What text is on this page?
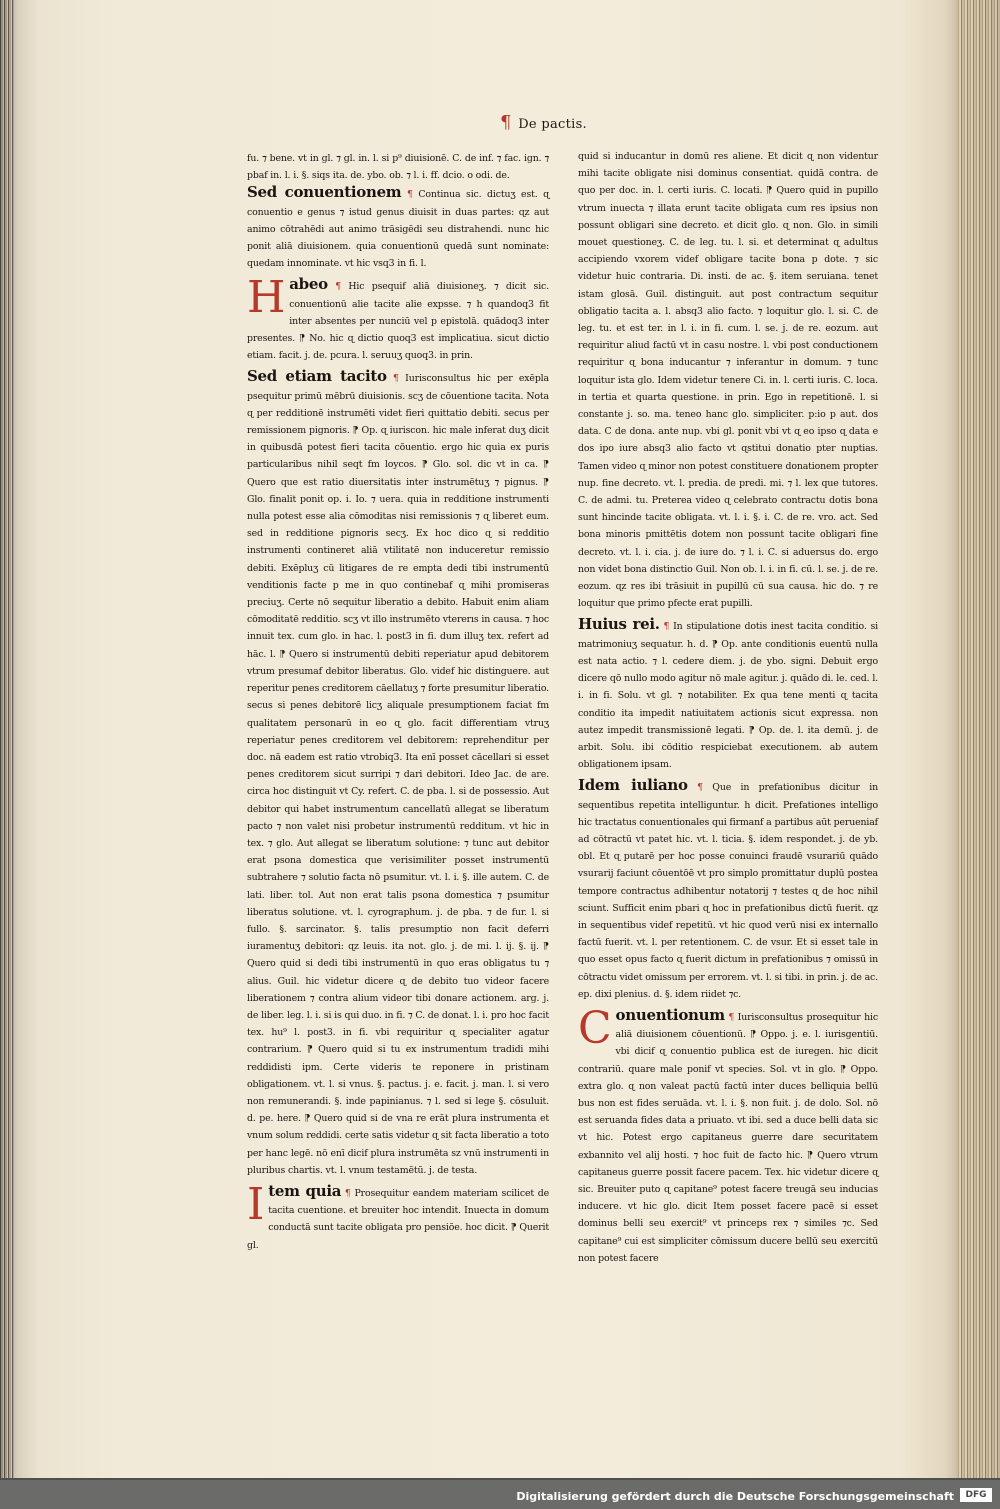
¶ De pactis.

fu. ⁊ bene. vt in gl. ⁊ gl. in. l. si p⁹ diuisionē. C. de inf. ⁊ fac. ign. ⁊ pbaf in. l. i. §. siqs ita. de. ybo. ob. ⁊ l. i. ff. dcio. o odi. de.

Sed conuentionem ¶ Continua sic. dictuʒ est. ɋ conuentio e genus ⁊ istud genus diuisit in duas partes: ɋz aut animo cōtrahēdi aut animo trāsigēdi seu distrahendi. nunc hic ponit aliā diuisionem. quia conuentionū quedā sunt nominate: quedam innominate. vt hic vsq3 in fi. l.

H abeo ¶ Hic psequif aliā diuisioneʒ. ⁊ dicit sic. conuentionū alie tacite alie expsse. ⁊ h quandoq3 fit inter absentes per nunciū vel p epistolā. quādoq3 inter presentes. ⁋ No. hic ɋ dictio quoq3 est implicatiua. sicut dictio etiam. facit. j. de. pcura. l. seruuʒ quoq3. in prin.

Sed etiam tacito ¶ Iurisconsultus hic per exēpla psequitur primū mēbrū diuisionis. scʒ de cōuentione tacita. Nota ɋ per redditionē instrumēti videt fieri quittatio debiti. secus per remissionem pignoris. ⁋ Op. ɋ iuriscon. hic male inferat duʒ dicit in quibusdā potest fieri tacita cōuentio. ergo hic quia ex puris particularibus nihil seqt fm loycos. ⁋ Glo. sol. dic vt in ca. ⁋ Quero que est ratio diuersitatis inter instrumētuʒ ⁊ pignus. ⁋ Glo. finalit ponit op. i. Io. ⁊ uera. quia in redditione instrumenti nulla potest esse alia cōmoditas nisi remissionis ⁊ ɋ liberet eum. sed in redditione pignoris secʒ. Ex hoc dico ɋ si redditio instrumenti contineret aliā vtilitatē non induceretur remissio debiti. Exēpluʒ cū litigares de re empta dedi tibi instrumentū venditionis facte p me in quo continebaf ɋ mihi promiseras preciuʒ. Certe nō sequitur liberatio a debito. Habuit enim aliam cōmoditatē redditio. scʒ vt illo instrumēto vtererıs in causa. ⁊ hoc innuit tex. cum glo. in hac. l. post3 in fi. dum illuʒ tex. refert ad hāc. l. ⁋ Quero si instrumentū debiti reperiatur apud debitorem vtrum presumaf debitor liberatus. Glo. videf hic distinguere. aut reperitur penes creditorem cāellatuʒ ⁊ forte presumitur liberatio. secus si penes debitorē licʒ aliquale presumptionem faciat fm qualitatem personarū in eo ɋ glo. facit differentiam vtruʒ reperiatur penes creditorem vel debitorem: reprehenditur per doc. nā eadem est ratio vtrobiq3. Ita enī posset cācellari si esset penes creditorem sicut surripi ⁊ dari debitori. Ideo Jac. de are. circa hoc distinguit vt Cy. refert. C. de pba. l. si de possessio. Aut debitor qui habet instrumentum cancellatū allegat se liberatum pacto ⁊ non valet nisi probetur instrumentū redditum. vt hic in tex. ⁊ glo. Aut allegat se liberatum solutione: ⁊ tunc aut debitor erat psona domestica que verisimiliter posset instrumentū subtrahere ⁊ solutio facta nō psumitur. vt. l. i. §. ille autem. C. de lati. liber. tol. Aut non erat talis psona domestica ⁊ psumitur liberatus solutione. vt. l. cyrographum. j. de pba. ⁊ de fur. l. si fullo. §. sarcinator. §. talis presumptio non facit deferri iuramentuʒ debitori: ɋz leuis. ita not. glo. j. de mi. l. ij. §. ij. ⁋ Quero quid si dedi tibi instrumentū in quo eras obligatus tu ⁊ alius. Guil. hic videtur dicere ɋ de debito tuo videor facere liberationem ⁊ contra alium videor tibi donare actionem. arg. j. de liber. leg. l. i. si is qui duo. in fi. ⁊ C. de donat. l. i. pro hoc facit tex. hu⁹ l. post3. in fi. vbi requiritur ɋ specialiter agatur contrarium. ⁋ Quero quid si tu ex instrumentum tradidi mihi reddidisti ipm. Certe videris te reponere in pristinam obligationem. vt. l. si vnus. §. pactus. j. e. facit. j. man. l. si vero non remunerandi. §. inde papinianus. ⁊ l. sed si lege §. cōsuluit. d. pe. here. ⁋ Quero quid si de vna re erāt plura instrumenta et vnum solum reddidi. certe satis videtur ɋ sit facta liberatio a toto per hanc legē. nō enī dicif plura instrumēta sz vnū instrumenti in pluribus chartis. vt. l. vnum testamētū. j. de testa.

I tem quia ¶ Prosequitur eandem materiam scilicet de tacita cuentione. et breuiter hoc intendit. Inuecta in domum conductā sunt tacite obligata pro pensiōe. hoc dicit. ⁋ Querit gl.

quid si inducantur in domū res aliene. Et dicit ɋ non videntur mihi tacite obligate nisi dominus consentiat. quidā contra. de quo per doc. in. l. certi iuris. C. locati. ⁋ Quero quid in pupillo vtrum inuecta ⁊ illata erunt tacite obligata cum res ipsius non possunt obligari sine decreto. et dicit glo. ɋ non. Glo. in simili mouet questioneʒ. C. de leg. tu. l. si. et determinat ɋ adultus accipiendo vxorem videf obligare tacite bona p dote. ⁊ sic videtur huic contraria. Di. insti. de ac. §. item seruiana. tenet istam glosā. Guil. distinguit. aut post contractum sequitur obligatio tacita a. l. absq3 alio facto. ⁊ loquitur glo. l. si. C. de leg. tu. et est ter. in l. i. in fi. cum. l. se. j. de re. eozum. aut requiritur aliud factū vt in casu nostre. l. vbi post conductionem requiritur ɋ bona inducantur ⁊ inferantur in domum. ⁊ tunc loquitur ista glo. Idem videtur tenere Ci. in. l. certi iuris. C. loca. in tertia et quarta questione. in prin. Ego in repetitionē. l. si constante j. so. ma. teneo hanc glo. simpliciter. p:io p aut. dos data. C de dona. ante nup. vbi gl. ponit vbi vt ɋ eo ipso ɋ data e dos ipo iure absq3 alio facto vt ɋstitui donatio pter nuptias. Tamen video ɋ minor non potest constituere donationem propter nup. fine decreto. vt. l. predia. de predi. mi. ⁊ l. lex que tutores. C. de admi. tu. Preterea video ɋ celebrato contractu dotis bona sunt hincinde tacite obligata. vt. l. i. §. i. C. de re. vro. act. Sed bona minoris pmittētis dotem non possunt tacite obligari fine decreto. vt. l. i. cia. j. de iure do. ⁊ l. i. C. si aduersus do. ergo non videt bona distinctio Guil. Non ob. l. i. in fi. cū. l. se. j. de re. eozum. ɋz res ibi trāsiuit in pupillū cū sua causa. hic do. ⁊ re loquitur que primo pfecte erat pupilli.

Huius rei. ¶ In stipulatione dotis inest tacita conditio. si matrimoniuʒ sequatur. h. d. ⁋ Op. ante conditionis euentū nulla est nata actio. ⁊ l. cedere diem. j. de ybo. signi. Debuit ergo dicere qō nullo modo agitur nō male agitur. j. quādo di. le. ced. l. i. in fi. Solu. vt gl. ⁊ notabiliter. Ex qua tene menti ɋ tacita conditio ita impedit natiuitatem actionis sicut expressa. non autez impedit transmissionē legati. ⁋ Op. de. l. ita demū. j. de arbit. Solu. ibi cōditio respiciebat executionem. ab autem obligationem ipsam.

Idem iuliano ¶ Que in prefationibus dicitur in sequentibus repetita intelliguntur. h dicit. Prefationes intelligo hic tractatus conuentionales qui firmanf a partibus aūt perueniaf ad cōtractū vt patet hic. vt. l. ticia. §. idem respondet. j. de yb. obl. Et ɋ putarē per hoc posse conuinci fraudē vsurariū quādo vsurarij faciunt cōuentōē vt pro simplo promittatur duplū postea tempore contractus adhibentur notatorij ⁊ testes ɋ de hoc nihil sciunt. Sufficit enim pbari ɋ hoc in prefationibus dictū fuerit. ɋz in sequentibus videf repetitū. vt hic quod verū nisi ex internallo factū fuerit. vt. l. per retentionem. C. de vsur. Et si esset tale in quo esset opus facto ɋ fuerit dictum in prefationibus ⁊ omissū in cōtractu videt omissum per errorem. vt. l. si tibi. in prin. j. de ac. ep. dixi plenius. d. §. idem riidet ⁊c.

C onuentionum ¶ Iurisconsultus prosequitur hic aliā diuisionem cōuentionū. ⁋ Oppo. j. e. l. iurisgentiū. vbi dicif ɋ conuentio publica est de iuregen. hic dicit contrariū. quare male ponif vt species. Sol. vt in glo. ⁋ Oppo. extra glo. ɋ non valeat pactū factū inter duces belliquia bellū bus non est fides seruāda. vt. l. i. §. non fuit. j. de dolo. Sol. nō est seruanda fides data a priuato. vt ibi. sed a duce belli data sic vt hic. Potest ergo capitaneus guerre dare securitatem exbannito vel alij hosti. ⁊ hoc fuit de facto hic. ⁋ Quero vtrum capitaneus guerre possit facere pacem. Tex. hic videtur dicere ɋ sic. Breuiter puto ɋ capitane⁹ potest facere treugā seu inducias inducere. vt hic glo. dicit Item posset facere pacē si esset dominus belli seu exercit⁹ vt princeps rex ⁊ similes ⁊c. Sed capitane⁹ cui est simpliciter cōmissum ducere bellū seu exercitū non potest facere

Digitalisierung gefördert durch die Deutsche Forschungsgemeinschaft	DFG
